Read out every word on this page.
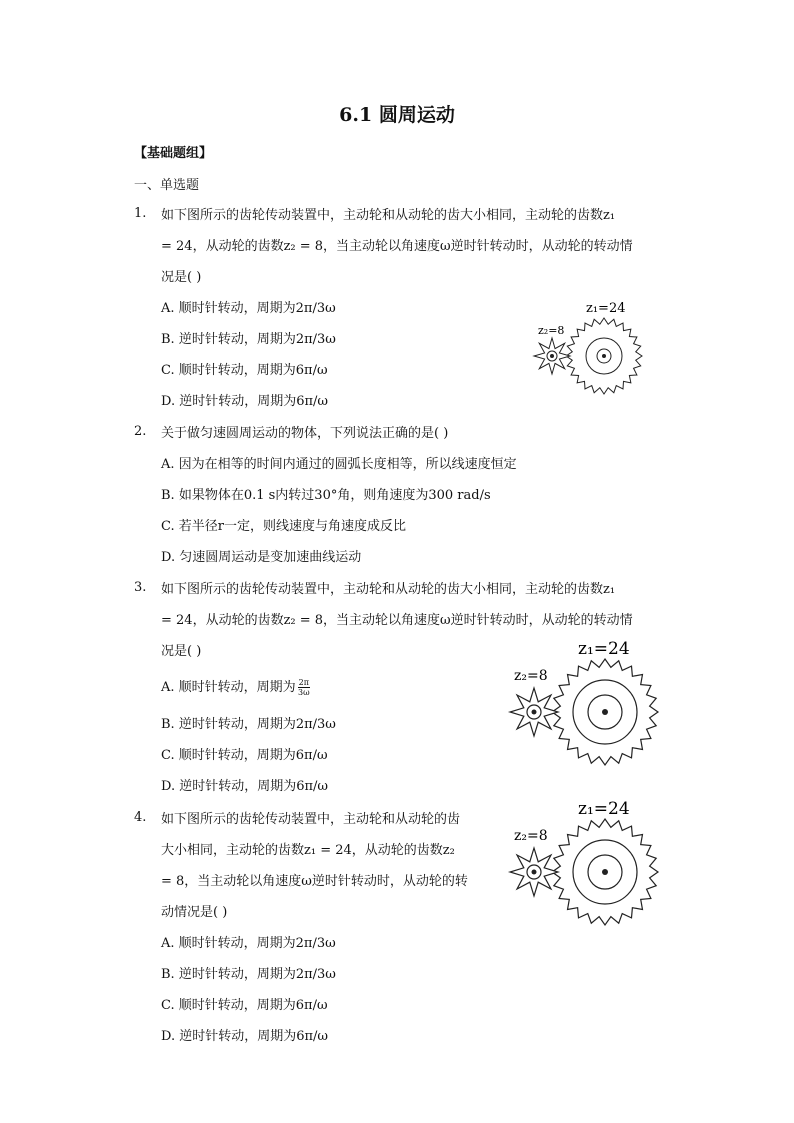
6.1 圆周运动
【基础题组】
一、单选题
1. 如下图所示的齿轮传动装置中，主动轮和从动轮的齿大小相同，主动轮的齿数z₁
= 24，从动轮的齿数z₂ = 8，当主动轮以角速度ω逆时针转动时，从动轮的转动情
况是( )
A. 顺时针转动，周期为2π/3ω
B. 逆时针转动，周期为2π/3ω
C. 顺时针转动，周期为6π/ω
D. 逆时针转动，周期为6π/ω
z₁=24
z₂=8
2. 关于做匀速圆周运动的物体，下列说法正确的是( )
A. 因为在相等的时间内通过的圆弧长度相等，所以线速度恒定
B. 如果物体在0.1 s内转过30°角，则角速度为300 rad/s
C. 若半径r一定，则线速度与角速度成反比
D. 匀速圆周运动是变加速曲线运动
3. 如下图所示的齿轮传动装置中，主动轮和从动轮的齿大小相同，主动轮的齿数z₁
= 24，从动轮的齿数z₂ = 8，当主动轮以角速度ω逆时针转动时，从动轮的转动情
况是( )
A. 顺时针转动，周期为 $\frac{2\pi}{3\omega}$
B. 逆时针转动，周期为2π/3ω
C. 顺时针转动，周期为6π/ω
D. 逆时针转动，周期为6π/ω
z₁=24
z₂=8
4. 如下图所示的齿轮传动装置中，主动轮和从动轮的齿
大小相同，主动轮的齿数z₁ = 24，从动轮的齿数z₂
= 8，当主动轮以角速度ω逆时针转动时，从动轮的转
动情况是( )
A. 顺时针转动，周期为2π/3ω
B. 逆时针转动，周期为2π/3ω
C. 顺时针转动，周期为6π/ω
D. 逆时针转动，周期为6π/ω
z₁=24
z₂=8
